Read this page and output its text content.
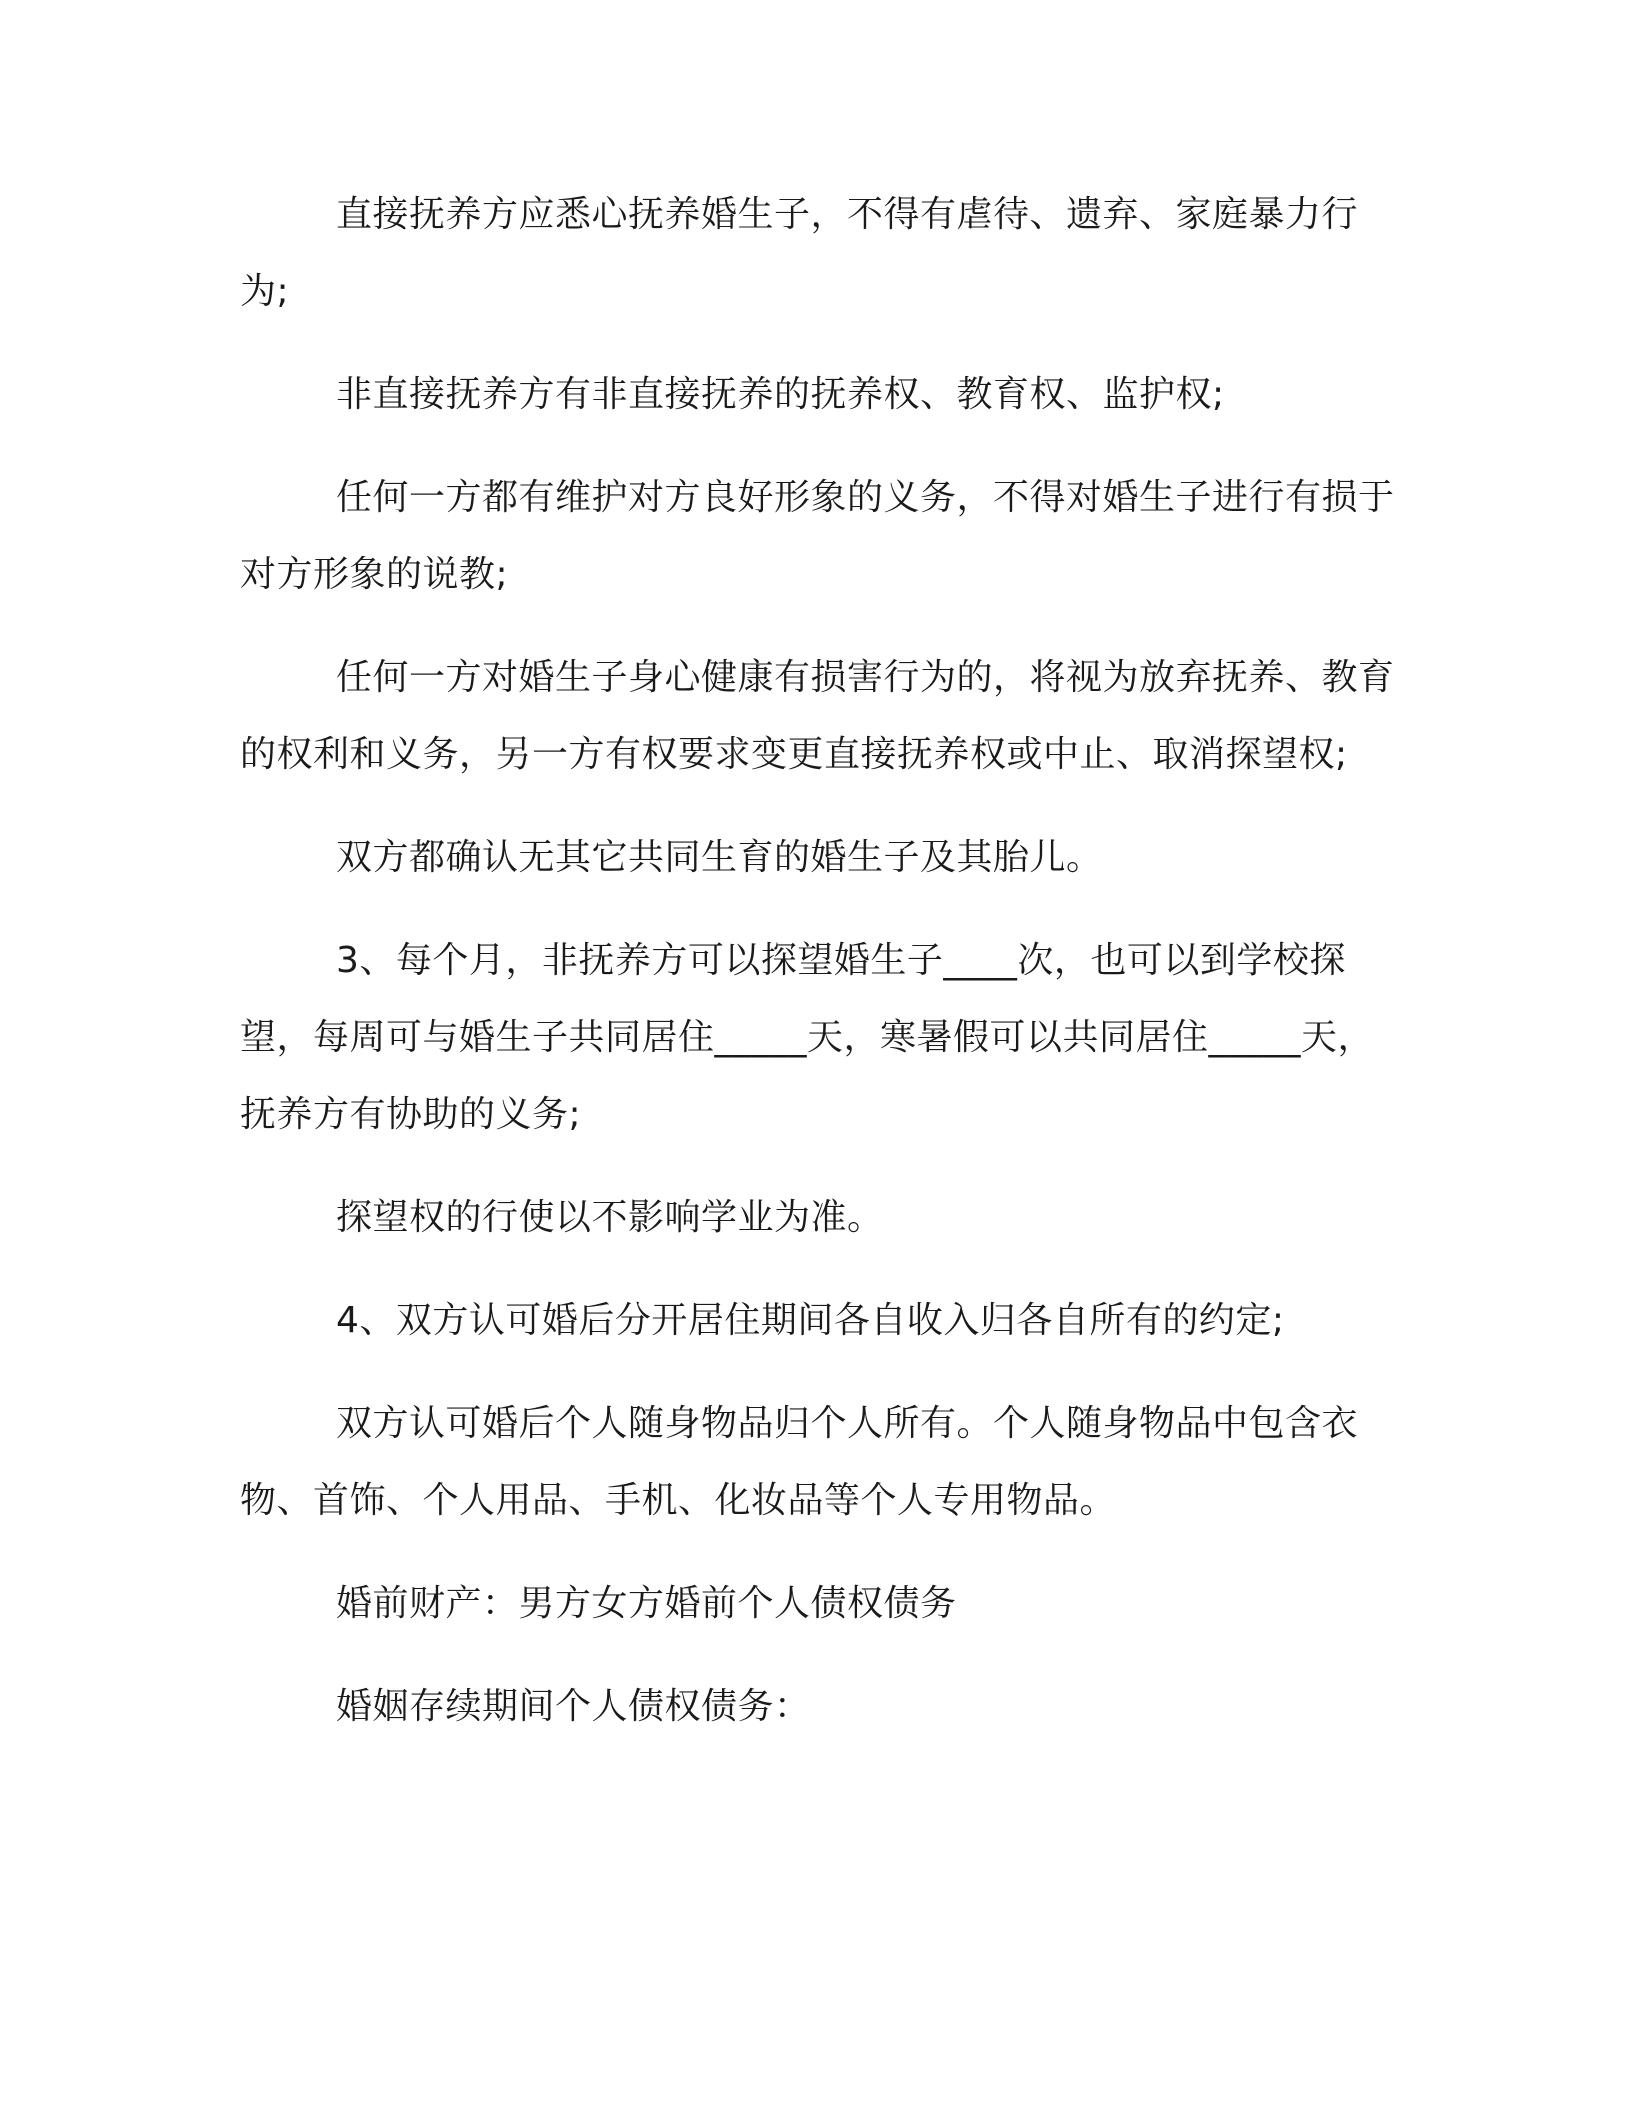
直接抚养方应悉心抚养婚生子，不得有虐待、遗弃、家庭暴力行为;

非直接抚养方有非直接抚养的抚养权、教育权、监护权;

任何一方都有维护对方良好形象的义务，不得对婚生子进行有损于对方形象的说教;

任何一方对婚生子身心健康有损害行为的，将视为放弃抚养、教育的权利和义务，另一方有权要求变更直接抚养权或中止、取消探望权;

双方都确认无其它共同生育的婚生子及其胎儿。

3、每个月，非抚养方可以探望婚生子____次，也可以到学校探望，每周可与婚生子共同居住_____天，寒暑假可以共同居住_____天，抚养方有协助的义务;

探望权的行使以不影响学业为准。

4、双方认可婚后分开居住期间各自收入归各自所有的约定;

双方认可婚后个人随身物品归个人所有。个人随身物品中包含衣物、首饰、个人用品、手机、化妆品等个人专用物品。

婚前财产：男方女方婚前个人债权债务

婚姻存续期间个人债权债务：
